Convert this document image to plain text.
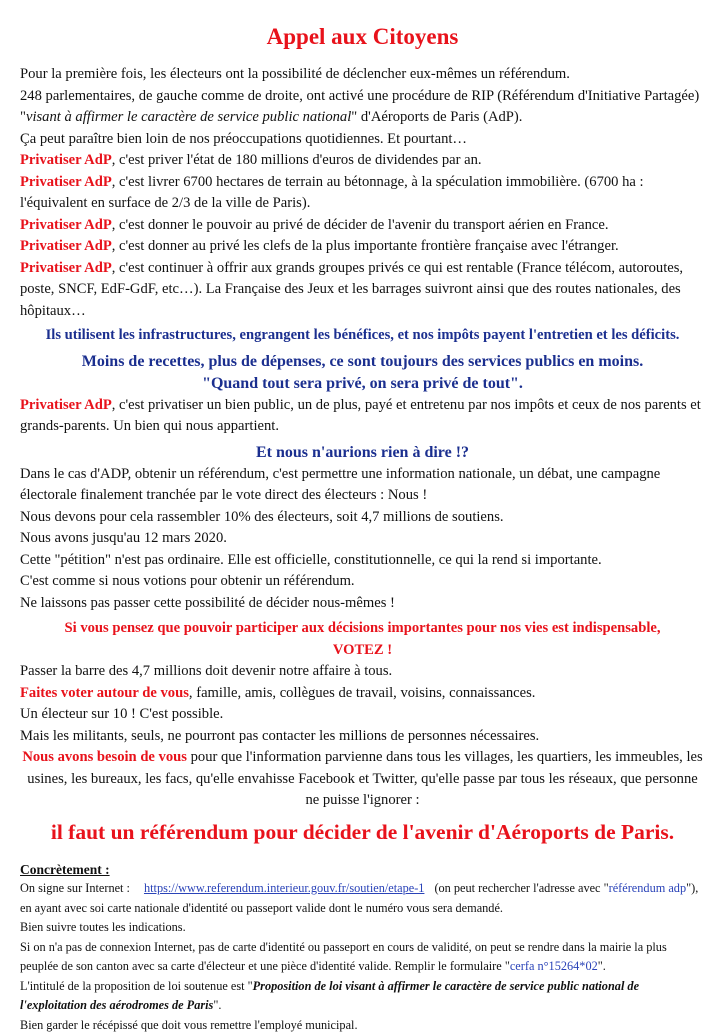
Appel aux Citoyens

Pour la première fois, les électeurs ont la possibilité de déclencher eux-mêmes un référendum.

248 parlementaires, de gauche comme de droite, ont activé une procédure de RIP (Référendum d'Initiative Partagée) "visant à affirmer le caractère de service public national" d'Aéroports de Paris (AdP).

Ça peut paraître bien loin de nos préoccupations quotidiennes. Et pourtant…

Privatiser AdP, c'est priver l'état de 180 millions d'euros de dividendes par an.

Privatiser AdP, c'est livrer 6700 hectares de terrain au bétonnage, à la spéculation immobilière. (6700 ha : l'équivalent en surface de 2/3 de la ville de Paris).

Privatiser AdP, c'est donner le pouvoir au privé de décider de l'avenir du transport aérien en France.

Privatiser AdP, c'est donner au privé les clefs de la plus importante frontière française avec l'étranger.

Privatiser AdP, c'est continuer à offrir aux grands groupes privés ce qui est rentable (France télécom, autoroutes, poste, SNCF, EdF-GdF, etc…). La Française des Jeux et les barrages suivront ainsi que des routes nationales, des hôpitaux…

Ils utilisent les infrastructures, engrangent les bénéfices, et nos impôts payent l'entretien et les déficits.

Moins de recettes, plus de dépenses, ce sont toujours des services publics en moins.

"Quand tout sera privé, on sera privé de tout".

Privatiser AdP, c'est privatiser un bien public, un de plus, payé et entretenu par nos impôts et ceux de nos parents et grands-parents. Un bien qui nous appartient.

Et nous n'aurions rien à dire !?

Dans le cas d'ADP, obtenir un référendum, c'est permettre une information nationale, un débat, une campagne électorale finalement tranchée par le vote direct des électeurs : Nous !

Nous devons pour cela rassembler 10% des électeurs, soit 4,7 millions de soutiens.

Nous avons jusqu'au 12 mars 2020.

Cette "pétition" n'est pas ordinaire. Elle est officielle, constitutionnelle, ce qui la rend si importante.

C'est comme si nous votions pour obtenir un référendum.

Ne laissons pas passer cette possibilité de décider nous-mêmes !

Si vous pensez que pouvoir participer aux décisions importantes pour nos vies est indispensable,

VOTEZ !

Passer la barre des 4,7 millions doit devenir notre affaire à tous.

Faites voter autour de vous, famille, amis, collègues de travail, voisins, connaissances.

Un électeur sur 10 ! C'est possible.

Mais les militants, seuls, ne pourront pas contacter les millions de personnes nécessaires.

Nous avons besoin de vous pour que l'information parvienne dans tous les villages, les quartiers, les immeubles, les usines, les bureaux, les facs, qu'elle envahisse Facebook et Twitter, qu'elle passe par tous les réseaux, que personne ne puisse l'ignorer :

il faut un référendum pour décider de l'avenir d'Aéroports de Paris.

Concrètement :

On signe sur Internet : https://www.referendum.interieur.gouv.fr/soutien/etape-1 (on peut rechercher l'adresse avec "référendum adp"), en ayant avec soi carte nationale d'identité ou passeport valide dont le numéro vous sera demandé.

Bien suivre toutes les indications.

Si on n'a pas de connexion Internet, pas de carte d'identité ou passeport en cours de validité, on peut se rendre dans la mairie la plus peuplée de son canton avec sa carte d'électeur et une pièce d'identité valide. Remplir le formulaire "cerfa n°15264*02".

L'intitulé de la proposition de loi soutenue est "Proposition de loi visant à affirmer le caractère de service public national de l'exploitation des aérodromes de Paris".

Bien garder le récépissé que doit vous remettre l'employé municipal.
